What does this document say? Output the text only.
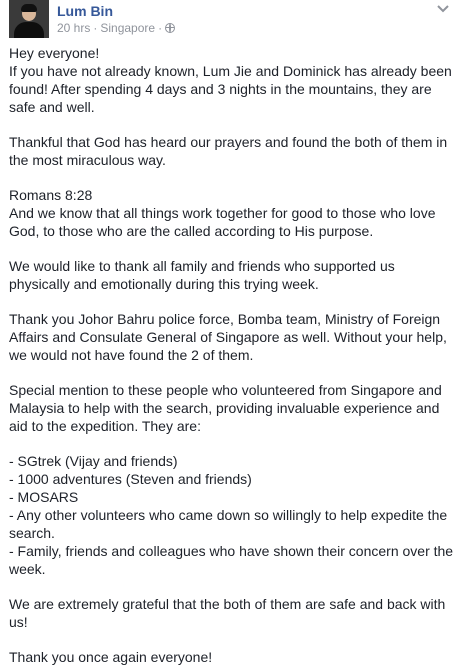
Lum Bin
20 hrs · Singapore ·

Hey everyone!

If you have not already known, Lum Jie and Dominick has already been found! After spending 4 days and 3 nights in the mountains, they are safe and well.

Thankful that God has heard our prayers and found the both of them in the most miraculous way.

Romans 8:28

And we know that all things work together for good to those who love God, to those who are the called according to His purpose.

We would like to thank all family and friends who supported us physically and emotionally during this trying week.

Thank you Johor Bahru police force, Bomba team, Ministry of Foreign Affairs and Consulate General of Singapore as well. Without your help, we would not have found the 2 of them.

Special mention to these people who volunteered from Singapore and Malaysia to help with the search, providing invaluable experience and aid to the expedition. They are:

- SGtrek (Vijay and friends)
- 1000 adventures (Steven and friends)
- MOSARS
- Any other volunteers who came down so willingly to help expedite the search.
- Family, friends and colleagues who have shown their concern over the week.

We are extremely grateful that the both of them are safe and back with us!

Thank you once again everyone!
